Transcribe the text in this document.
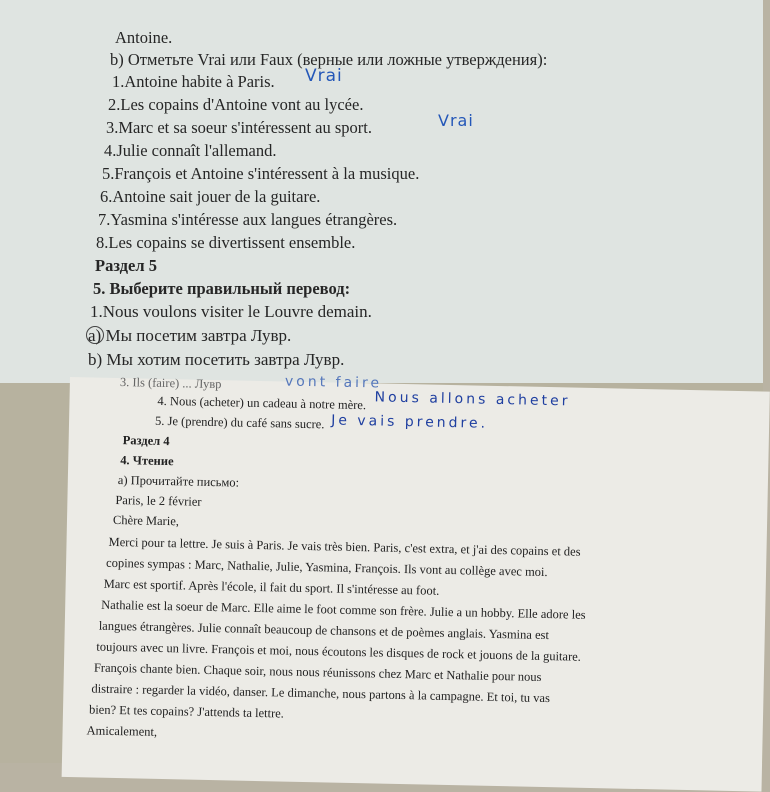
Antoine.
b) Отметьте Vrai или Faux (верные или ложные утверждения):
1.Antoine habite à Paris. Vrai
2.Les copains d'Antoine vont au lycée.
3.Marc et sa soeur s'intéressent au sport.	Vrai
4.Julie connaît l'allemand.
5.François et Antoine s'intéressent à la musique.
6.Antoine sait jouer de la guitare.
7.Yasmina s'intéresse aux langues étrangères.
8.Les copains se divertissent ensemble.
Раздел 5
5. Выберите правильный перевод:
1.Nous voulons visiter le Louvre demain.
a) Мы посетим завтра Лувр.
b) Мы хотим посетить завтра Лувр.
3. Ils (faire) ... Лувр	vont faire
4. Nous (acheter) un cadeau à notre mère. Nous allons acheter
5. Je (prendre) du café sans sucre. Je vais prendre.
Раздел 4
4. Чтение
а) Прочитайте письмо:
Paris, le 2 février
Chère Marie,
Merci pour ta lettre. Je suis à Paris. Je vais très bien. Paris, c'est extra, et j'ai des copains et des
copines sympas : Marc, Nathalie, Julie, Yasmina, François. Ils vont au collège avec moi.
Marc est sportif. Après l'école, il fait du sport. Il s'intéresse au foot.
Nathalie est la soeur de Marc. Elle aime le foot comme son frère. Julie a un hobby. Elle adore les
langues étrangères. Julie connaît beaucoup de chansons et de poèmes anglais. Yasmina est
toujours avec un livre. François et moi, nous écoutons les disques de rock et jouons de la guitare.
François chante bien. Chaque soir, nous nous réunissons chez Marc et Nathalie pour nous
distraire : regarder la vidéo, danser. Le dimanche, nous partons à la campagne. Et toi, tu vas
bien? Et tes copains? J'attends ta lettre.
Amicalement,
